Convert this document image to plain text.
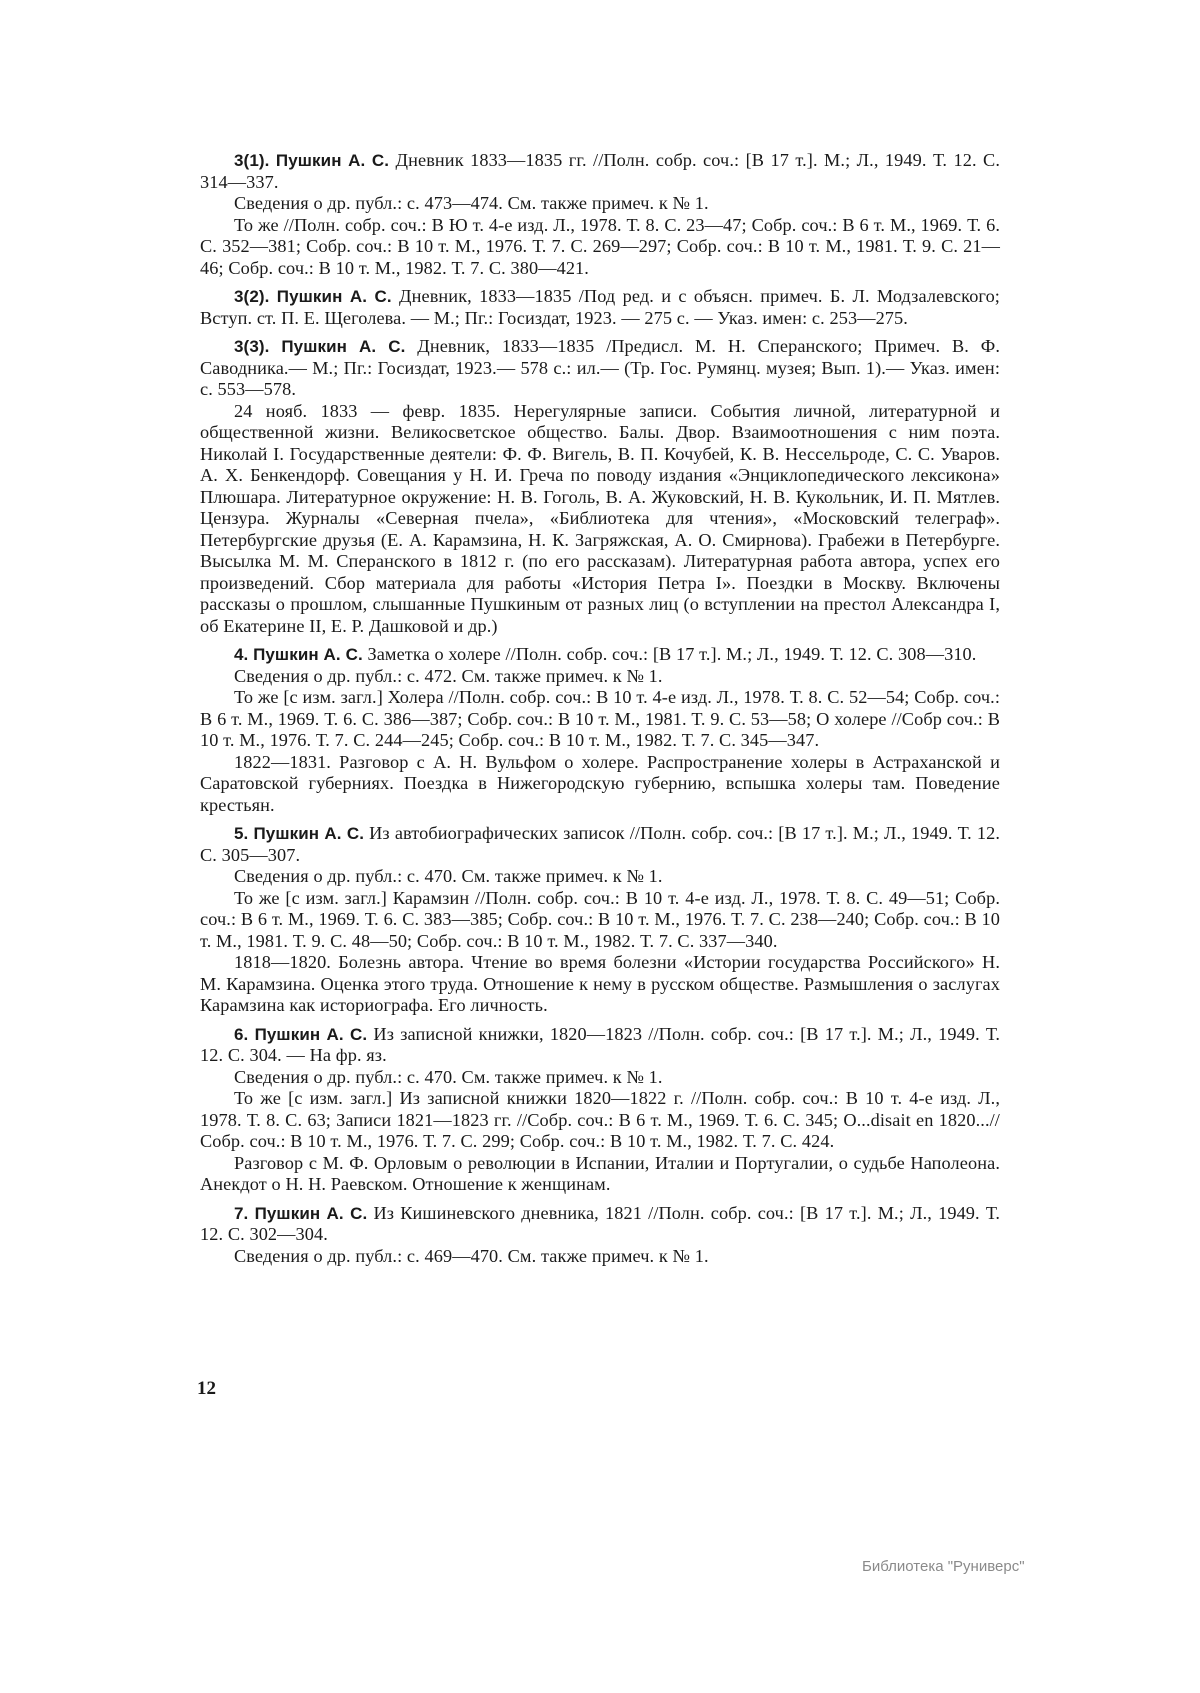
3(1). Пушкин А. С. Дневник 1833—1835 гг. //Полн. собр. соч.: [В 17 т.]. М.; Л., 1949. Т. 12. С. 314—337.

Сведения о др. публ.: с. 473—474. См. также примеч. к № 1.

То же //Полн. собр. соч.: В Ю т. 4-е изд. Л., 1978. Т. 8. С. 23—47; Собр. соч.: В 6 т. М., 1969. Т. 6. С. 352—381; Собр. соч.: В 10 т. М., 1976. Т. 7. С. 269—297; Собр. соч.: В 10 т. М., 1981. Т. 9. С. 21—46; Собр. соч.: В 10 т. М., 1982. Т. 7. С. 380—421.

3(2). Пушкин А. С. Дневник, 1833—1835 /Под ред. и с объясн. примеч. Б. Л. Модзалевского; Вступ. ст. П. Е. Щеголева. — М.; Пг.: Госиздат, 1923. — 275 с. — Указ. имен: с. 253—275.

3(3). Пушкин А. С. Дневник, 1833—1835 /Предисл. М. Н. Сперанского; Примеч. В. Ф. Саводника.— М.; Пг.: Госиздат, 1923.— 578 с.: ил.— (Тр. Гос. Румянц. музея; Вып. 1).— Указ. имен: с. 553—578.

24 нояб. 1833 — февр. 1835. Нерегулярные записи. События личной, литературной и общественной жизни. Великосветское общество. Балы. Двор. Взаимоотношения с ним поэта. Николай I. Государственные деятели: Ф. Ф. Вигель, В. П. Кочубей, К. В. Нессельроде, С. С. Уваров. А. X. Бенкендорф. Совещания у Н. И. Греча по поводу издания «Энциклопедического лексикона» Плюшара. Литературное окружение: Н. В. Гоголь, В. А. Жуковский, Н. В. Кукольник, И. П. Мятлев. Цензура. Журналы «Северная пчела», «Библиотека для чтения», «Московский телеграф». Петербургские друзья (Е. А. Карамзина, Н. К. Загряжская, А. О. Смирнова). Грабежи в Петербурге. Высылка М. М. Сперанского в 1812 г. (по его рассказам). Литературная работа автора, успех его произведений. Сбор материала для работы «История Петра I». Поездки в Москву. Включены рассказы о прошлом, слышанные Пушкиным от разных лиц (о вступлении на престол Александра I, об Екатерине II, Е. Р. Дашковой и др.)

4. Пушкин А. С. Заметка о холере //Полн. собр. соч.: [В 17 т.]. М.; Л., 1949. Т. 12. С. 308—310.

Сведения о др. публ.: с. 472. См. также примеч. к № 1.

То же [с изм. загл.] Холера //Полн. собр. соч.: В 10 т. 4-е изд. Л., 1978. Т. 8. С. 52—54; Собр. соч.: В 6 т. М., 1969. Т. 6. С. 386—387; Собр. соч.: В 10 т. М., 1981. Т. 9. С. 53—58; О холере //Собр соч.: В 10 т. М., 1976. Т. 7. С. 244—245; Собр. соч.: В 10 т. М., 1982. Т. 7. С. 345—347.

1822—1831. Разговор с А. Н. Вульфом о холере. Распространение холеры в Астраханской и Саратовской губерниях. Поездка в Нижегородскую губернию, вспышка холеры там. Поведение крестьян.

5. Пушкин А. С. Из автобиографических записок //Полн. собр. соч.: [В 17 т.]. М.; Л., 1949. Т. 12. С. 305—307.

Сведения о др. публ.: с. 470. См. также примеч. к № 1.

То же [с изм. загл.] Карамзин //Полн. собр. соч.: В 10 т. 4-е изд. Л., 1978. Т. 8. С. 49—51; Собр. соч.: В 6 т. М., 1969. Т. 6. С. 383—385; Собр. соч.: В 10 т. М., 1976. Т. 7. С. 238—240; Собр. соч.: В 10 т. М., 1981. Т. 9. С. 48—50; Собр. соч.: В 10 т. М., 1982. Т. 7. С. 337—340.

1818—1820. Болезнь автора. Чтение во время болезни «Истории государства Российского» Н. М. Карамзина. Оценка этого труда. Отношение к нему в русском обществе. Размышления о заслугах Карамзина как историографа. Его личность.

6. Пушкин А. С. Из записной книжки, 1820—1823 //Полн. собр. соч.: [В 17 т.]. М.; Л., 1949. Т. 12. С. 304. — На фр. яз.

Сведения о др. публ.: с. 470. См. также примеч. к № 1.

То же [с изм. загл.] Из записной книжки 1820—1822 г. //Полн. собр. соч.: В 10 т. 4-е изд. Л., 1978. Т. 8. С. 63; Записи 1821—1823 гг. //Собр. соч.: В 6 т. М., 1969. Т. 6. С. 345; O...disait en 1820...//Собр. соч.: В 10 т. М., 1976. Т. 7. С. 299; Собр. соч.: В 10 т. М., 1982. Т. 7. С. 424.

Разговор с М. Ф. Орловым о революции в Испании, Италии и Португалии, о судьбе Наполеона. Анекдот о Н. Н. Раевском. Отношение к женщинам.

7. Пушкин А. С. Из Кишиневского дневника, 1821 //Полн. собр. соч.: [В 17 т.]. М.; Л., 1949. Т. 12. С. 302—304.

Сведения о др. публ.: с. 469—470. См. также примеч. к № 1.

12
Библиотека "Руниверс"
